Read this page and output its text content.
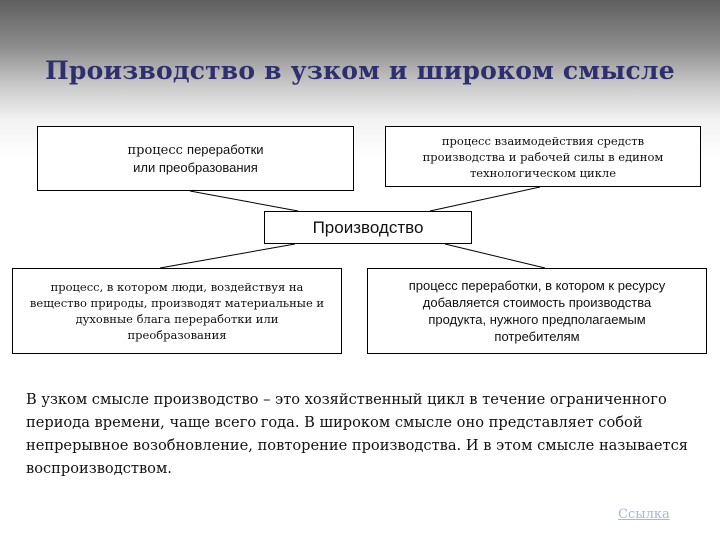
Производство в узком и широком смысле
процесс переработки
или преобразования
процесс взаимодействия средств
производства и рабочей силы в едином
технологическом цикле
Производство
процесс, в котором люди, воздействуя на
вещество природы, производят материальные и
духовные блага переработки или
преобразования
процесс переработки, в котором к ресурсу
добавляется стоимость производства
продукта, нужного предполагаемым
потребителям
В узком смысле производство – это хозяйственный цикл в течение ограниченного периода времени, чаще всего года. В широком смысле оно представляет собой непрерывное возобновление, повторение производства. И в этом смысле называется воспроизводством.
Ссылка
